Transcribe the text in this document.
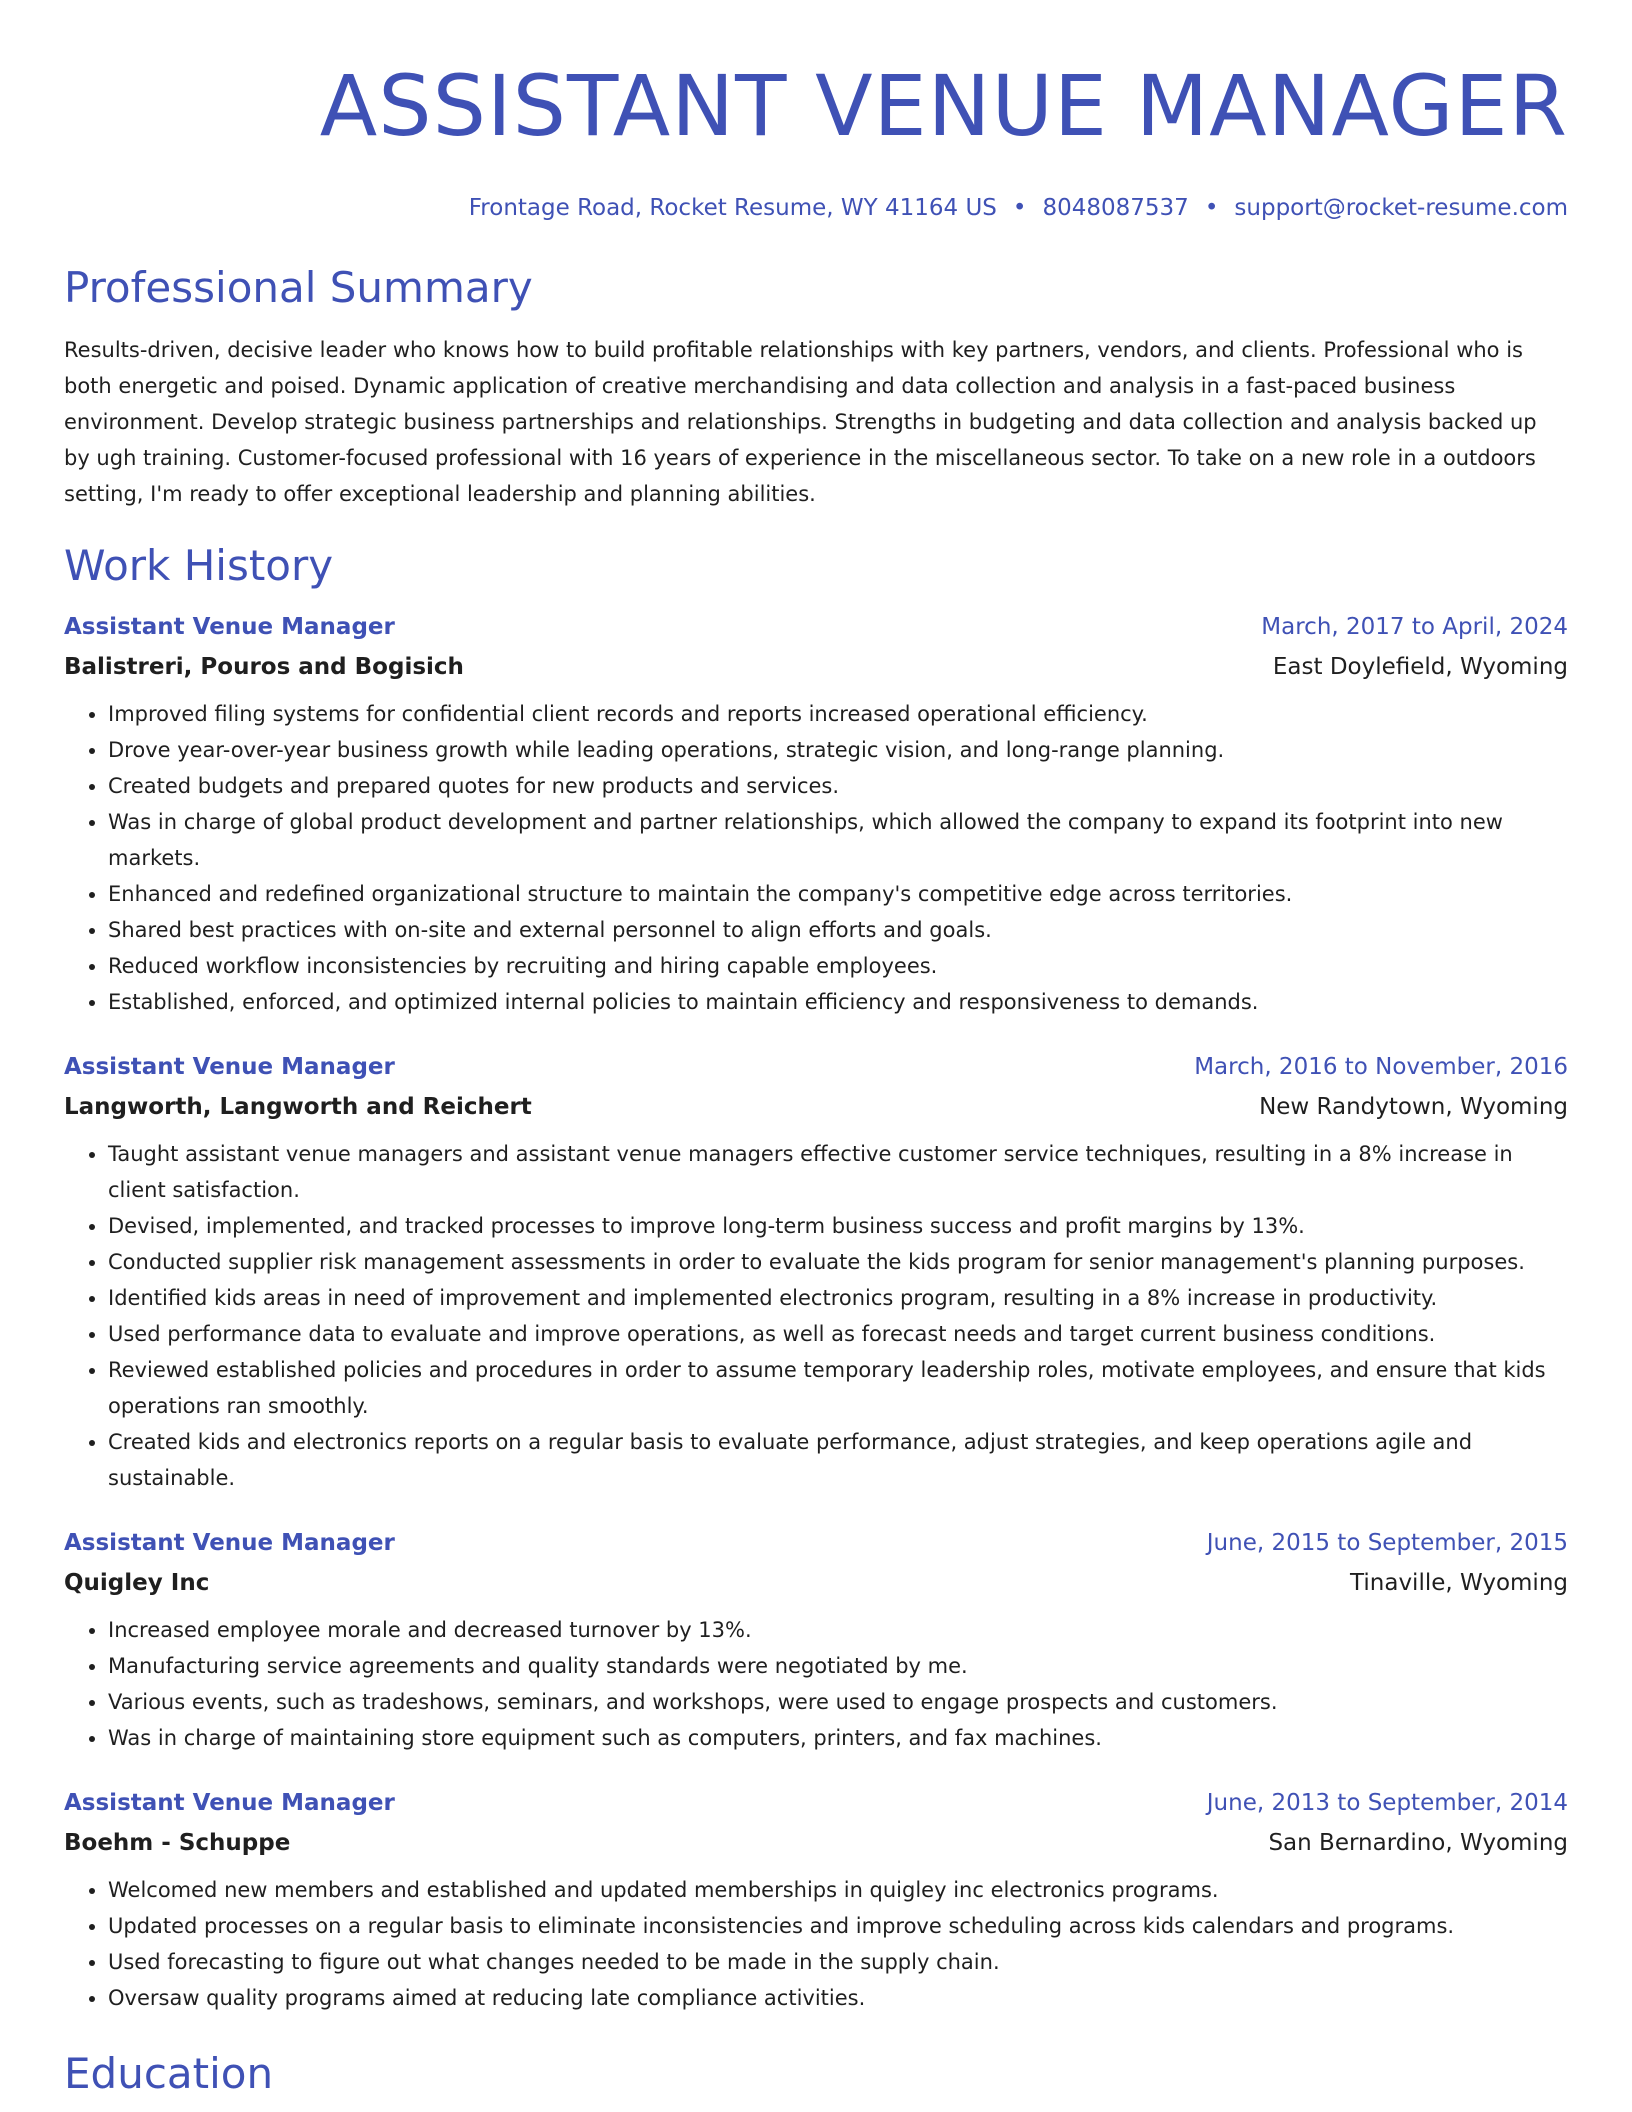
ASSISTANT VENUE MANAGER
Frontage Road, Rocket Resume, WY 41164 US • 8048087537 • support@rocket-resume.com
Professional Summary

Results-driven, decisive leader who knows how to build profitable relationships with key partners, vendors, and clients. Professional who is both energetic and poised. Dynamic application of creative merchandising and data collection and analysis in a fast-paced business environment. Develop strategic business partnerships and relationships. Strengths in budgeting and data collection and analysis backed up by ugh training. Customer-focused professional with 16 years of experience in the miscellaneous sector. To take on a new role in a outdoors setting, I'm ready to offer exceptional leadership and planning abilities.

Work History
Assistant Venue Manager	March, 2017 to April, 2024
Balistreri, Pouros and Bogisich	East Doylefield, Wyoming
• Improved filing systems for confidential client records and reports increased operational efficiency.
• Drove year-over-year business growth while leading operations, strategic vision, and long-range planning.
• Created budgets and prepared quotes for new products and services.
• Was in charge of global product development and partner relationships, which allowed the company to expand its footprint into new markets.
• Enhanced and redefined organizational structure to maintain the company's competitive edge across territories.
• Shared best practices with on-site and external personnel to align efforts and goals.
• Reduced workflow inconsistencies by recruiting and hiring capable employees.
• Established, enforced, and optimized internal policies to maintain efficiency and responsiveness to demands.
Assistant Venue Manager	March, 2016 to November, 2016
Langworth, Langworth and Reichert	New Randytown, Wyoming
• Taught assistant venue managers and assistant venue managers effective customer service techniques, resulting in a 8% increase in client satisfaction.
• Devised, implemented, and tracked processes to improve long-term business success and profit margins by 13%.
• Conducted supplier risk management assessments in order to evaluate the kids program for senior management's planning purposes.
• Identified kids areas in need of improvement and implemented electronics program, resulting in a 8% increase in productivity.
• Used performance data to evaluate and improve operations, as well as forecast needs and target current business conditions.
• Reviewed established policies and procedures in order to assume temporary leadership roles, motivate employees, and ensure that kids operations ran smoothly.
• Created kids and electronics reports on a regular basis to evaluate performance, adjust strategies, and keep operations agile and sustainable.
Assistant Venue Manager	June, 2015 to September, 2015
Quigley Inc	Tinaville, Wyoming
• Increased employee morale and decreased turnover by 13%.
• Manufacturing service agreements and quality standards were negotiated by me.
• Various events, such as tradeshows, seminars, and workshops, were used to engage prospects and customers.
• Was in charge of maintaining store equipment such as computers, printers, and fax machines.
Assistant Venue Manager	June, 2013 to September, 2014
Boehm - Schuppe	San Bernardino, Wyoming
• Welcomed new members and established and updated memberships in quigley inc electronics programs.
• Updated processes on a regular basis to eliminate inconsistencies and improve scheduling across kids calendars and programs.
• Used forecasting to figure out what changes needed to be made in the supply chain.
• Oversaw quality programs aimed at reducing late compliance activities.
Education
